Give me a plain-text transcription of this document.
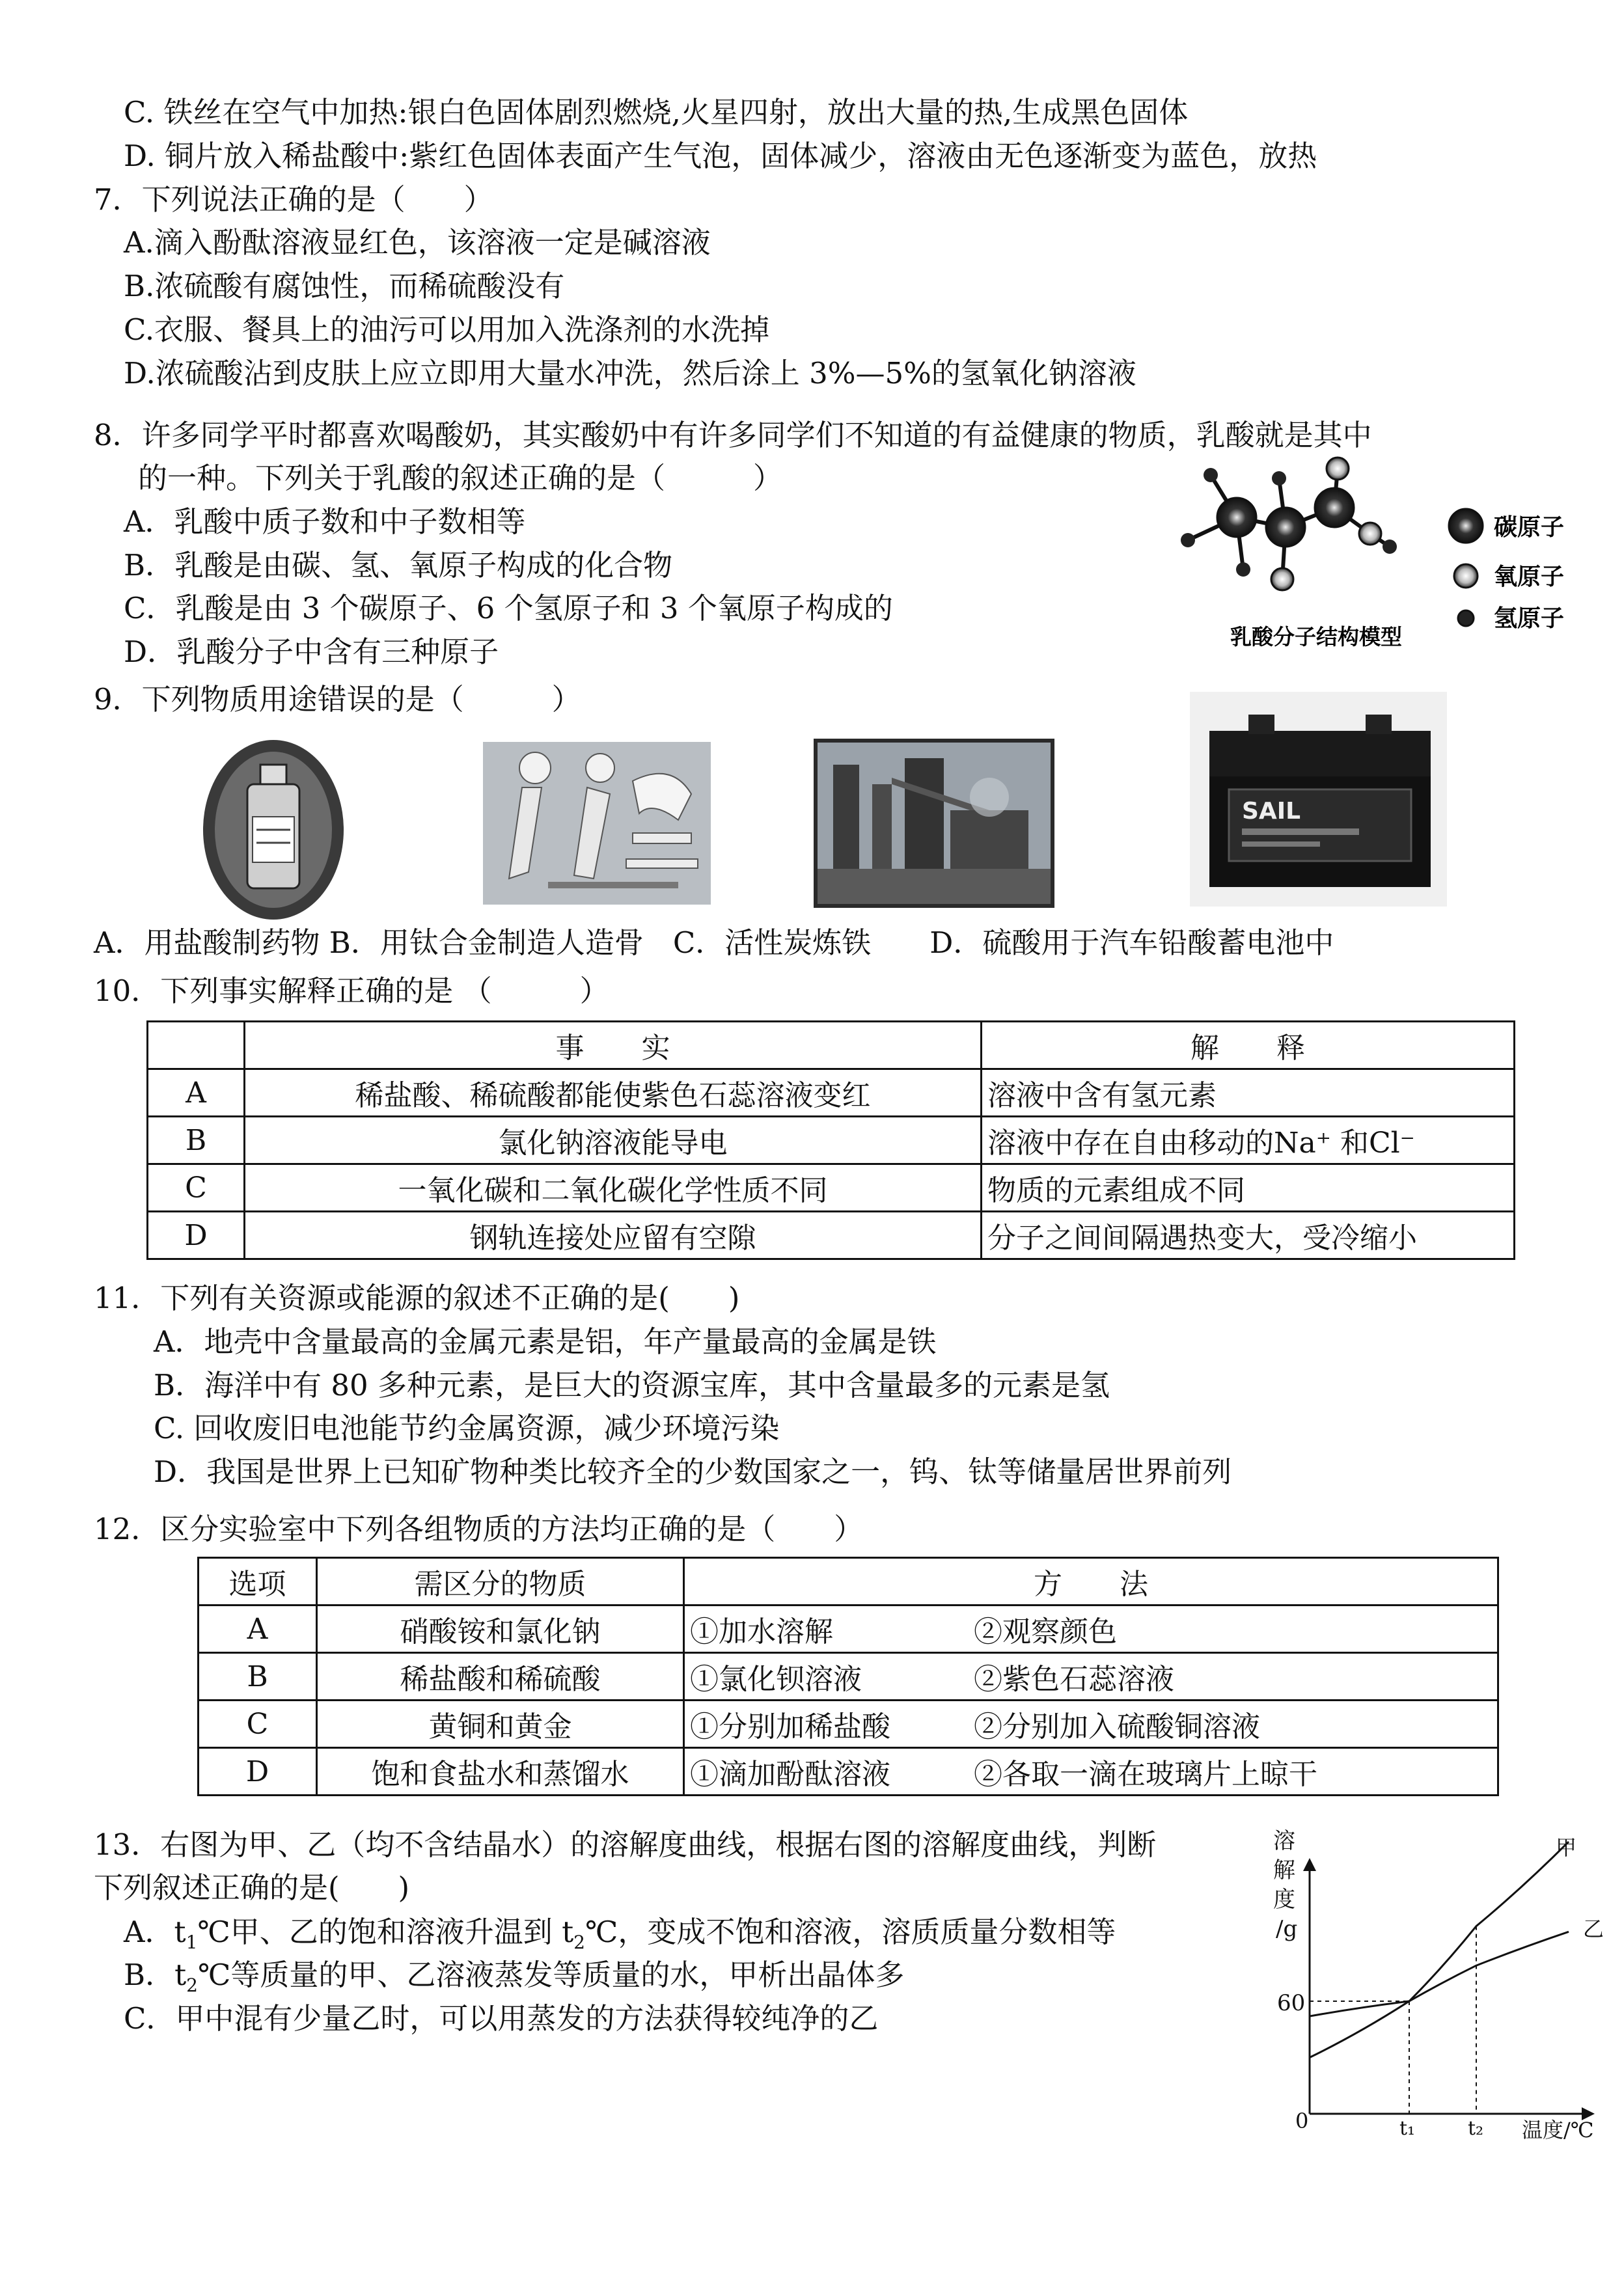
C. 铁丝在空气中加热:银白色固体剧烈燃烧,火星四射，放出大量的热,生成黑色固体
D. 铜片放入稀盐酸中:紫红色固体表面产生气泡，固体减少，溶液由无色逐渐变为蓝色，放热
7．下列说法正确的是（　　）
A.滴入酚酞溶液显红色，该溶液一定是碱溶液
B.浓硫酸有腐蚀性，而稀硫酸没有
C.衣服、餐具上的油污可以用加入洗涤剂的水洗掉
D.浓硫酸沾到皮肤上应立即用大量水冲洗，然后涂上 3%—5%的氢氧化钠溶液
8．许多同学平时都喜欢喝酸奶，其实酸奶中有许多同学们不知道的有益健康的物质，乳酸就是其中
的一种。下列关于乳酸的叙述正确的是（　　　）
A．乳酸中质子数和中子数相等
B．乳酸是由碳、氢、氧原子构成的化合物
C．乳酸是由 3 个碳原子、6 个氢原子和 3 个氧原子构成的
D．乳酸分子中含有三种原子
碳原子
氧原子
氢原子
乳酸分子结构模型
9．下列物质用途错误的是（　　　）
SAIL
A．用盐酸制药物 B．用钛合金制造人造骨　C．活性炭炼铁　　D．硫酸用于汽车铅酸蓄电池中
10．下列事实解释正确的是 （　　　）
	事　　实	解　　释
A	稀盐酸、稀硫酸都能使紫色石蕊溶液变红	溶液中含有氢元素
B	氯化钠溶液能导电	溶液中存在自由移动的Na⁺ 和Cl⁻
C	一氧化碳和二氧化碳化学性质不同	物质的元素组成不同
D	钢轨连接处应留有空隙	分子之间间隔遇热变大，受冷缩小
11．下列有关资源或能源的叙述不正确的是(　　)
A．地壳中含量最高的金属元素是铝，年产量最高的金属是铁
B．海洋中有 80 多种元素，是巨大的资源宝库，其中含量最多的元素是氢
C. 回收废旧电池能节约金属资源，减少环境污染
D．我国是世界上已知矿物种类比较齐全的少数国家之一，钨、钛等储量居世界前列
12．区分实验室中下列各组物质的方法均正确的是（　　）
选项	需区分的物质	方　　法	
A	硝酸铵和氯化钠	①加水溶解	②观察颜色
B	稀盐酸和稀硫酸	①氯化钡溶液	②紫色石蕊溶液
C	黄铜和黄金	①分别加稀盐酸	②分别加入硫酸铜溶液
D	饱和食盐水和蒸馏水	①滴加酚酞溶液	②各取一滴在玻璃片上晾干
13．右图为甲、乙（均不含结晶水）的溶解度曲线，根据右图的溶解度曲线，判断
下列叙述正确的是(　　)
A．$t_1℃$甲、乙的饱和溶液升温到 $t_2℃$，变成不饱和溶液，溶质质量分数相等
B．$t_2℃$等质量的甲、乙溶液蒸发等质量的水，甲析出晶体多
C．甲中混有少量乙时，可以用蒸发的方法获得较纯净的乙
溶
解
度
/g
60
0	t₁	t₂ 温度/℃
甲
乙
